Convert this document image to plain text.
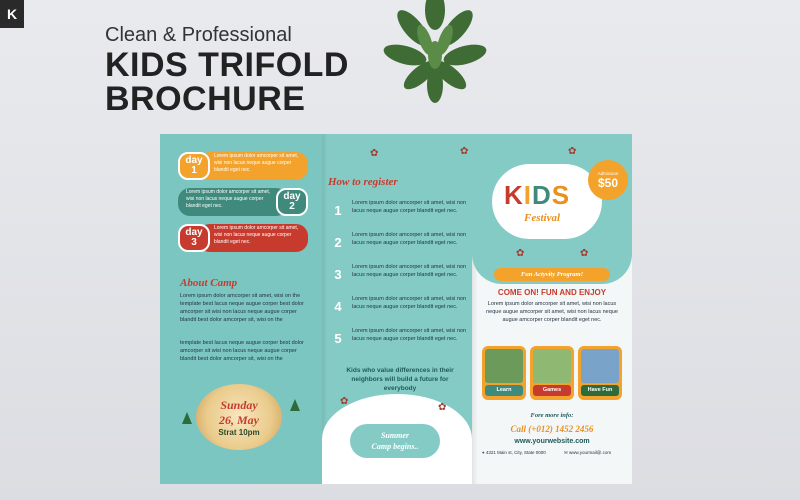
K
Clean & Professional
KIDS TRIFOLD
BROCHURE
day
1
Lorem ipsum dolor amcorper sit amet, wisi non lacus neque augue corper blandit eget nec.
day
2
Lorem ipsum dolor amcorper sit amet, wisi non lacus neque augue corper blandit eget nec.
day
3
Lorem ipsum dolor amcorper sit amet, wisi non lacus neque augue corper blandit eget nec.
About Camp
Lorem ipsum dolor amcorper sit amet, wisi on the template best lacus neque augue corper best dolor amcorper sit wisi non lacus neque augue corper blandit best dolor amcorper sit, wisi on the
template best lacus neque augue corper best dolor amcorper sit wisi non lacus neque augue corper blandit best dolor amcorper sit, wisi on the
Sunday
26, May
Strat 10pm
✿	✿
How to register
1 Lorem ipsum dolor amcorper sit amet, wisi non lacus neque augue corper blandit eget nec.
2 Lorem ipsum dolor amcorper sit amet, wisi non lacus neque augue corper blandit eget nec.
3 Lorem ipsum dolor amcorper sit amet, wisi non lacus neque augue corper blandit eget nec.
4 Lorem ipsum dolor amcorper sit amet, wisi non lacus neque augue corper blandit eget nec.
5 Lorem ipsum dolor amcorper sit amet, wisi non lacus neque augue corper blandit eget nec.
Kids who value differences in their neighbors will build a future for everybody
✿
✿
Summer
Camp begins..
✿
KIDS
Festival
Admission
$50
✿	✿
Fun Actyvity Program!
COME ON! FUN AND ENJOY
Lorem ipsum dolor amcorper sit amet, wisi non lacus neque augue amcorper sit amet, wisi non lacus neque augue amcorper corper blandit eget nec.
Learn	Games	Have Fun
Fore more info:
Call (+012) 1452 2456
www.yourwebsite.com
⌖ 4321 Main st, City, State 0000	✉ www.yourmail@.com
